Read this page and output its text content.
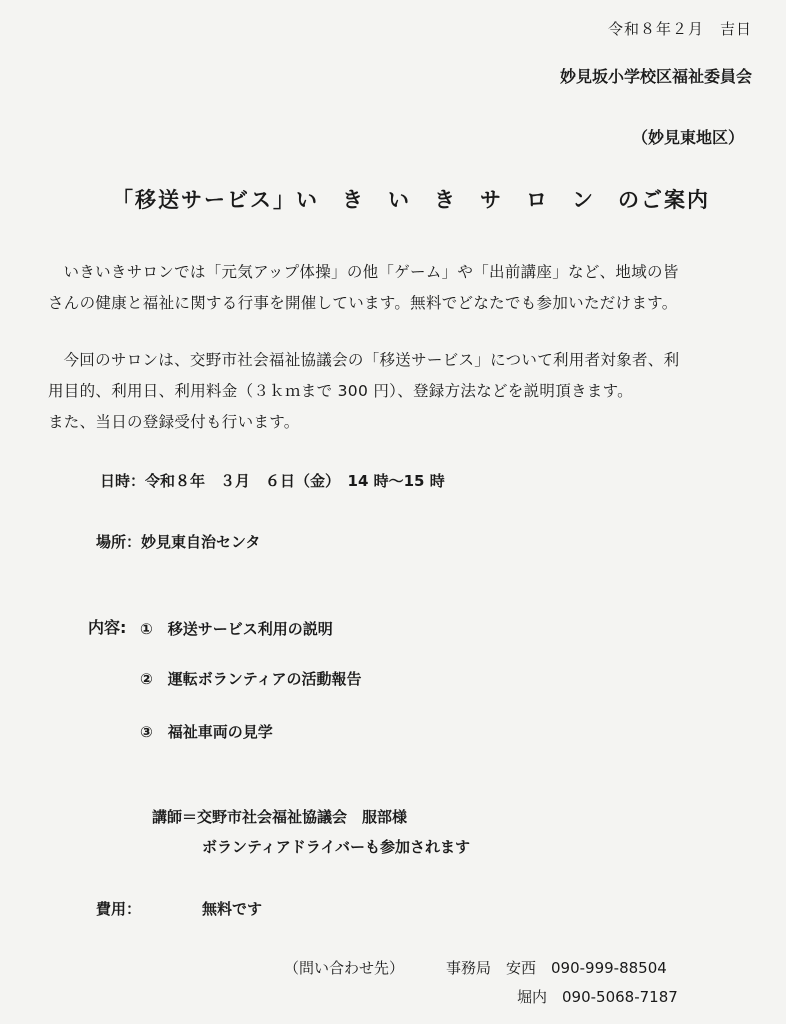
令和８年２月　吉日
妙見坂小学校区福祉委員会
（妙見東地区）
「移送サービス」い　き　い　き　サ　ロ　ン　のご案内
いきいきサロンでは「元気アップ体操」の他「ゲーム」や「出前講座」など、地域の皆
さんの健康と福祉に関する行事を開催しています。無料でどなたでも参加いただけます。
今回のサロンは、交野市社会福祉協議会の「移送サービス」について利用者対象者、利
用目的、利用日、利用料金（３ｋｍまで 300 円）、登録方法などを説明頂きます。
また、当日の登録受付も行います。
日時：令和８年　３月　６日（金）　14 時〜15 時
場所：妙見東自治センタ
内容: ①　移送サービス利用の説明
②　運転ボランティアの活動報告
③　福祉車両の見学
講師＝交野市社会福祉協議会　服部様
ボランティアドライバーも参加されます
費用：	無料です
（問い合わせ先）	事務局　安西　090-999-88504
堀内　090-5068-7187
